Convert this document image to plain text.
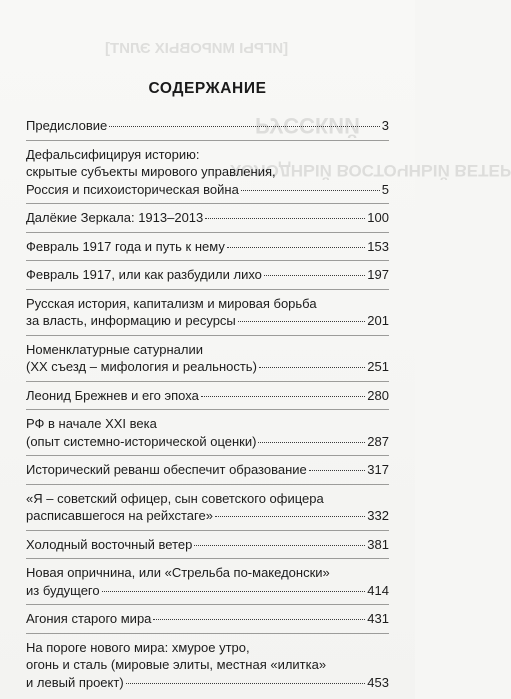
[ИГРЫ МИРОВЫХ ЭЛИТ]
РУССКИЙ
ХОЛОДНЫЙ ВОСТОЧНЫЙ ВЕТЕР
СОДЕРЖАНИЕ
Предисловие	3
Дефальсифицируя историю:
скрытые субъекты мирового управления,
Россия и психоисторическая война	5
Далёкие Зеркала: 1913–2013	100
Февраль 1917 года и путь к нему	153
Февраль 1917, или как разбудили лихо	197
Русская история, капитализм и мировая борьба
за власть, информацию и ресурсы	201
Номенклатурные сатурналии
(ХХ съезд – мифология и реальность)	251
Леонид Брежнев и его эпоха	280
РФ в начале XXI века
(опыт системно-исторической оценки)	287
Исторический реванш обеспечит образование	317
«Я – советский офицер, сын советского офицера
расписавшегося на рейхстаге»	332
Холодный восточный ветер	381
Новая опричнина, или «Стрельба по-македонски»
из будущего	414
Агония старого мира	431
На пороге нового мира: хмурое утро,
огонь и сталь (мировые элиты, местная «илитка»
и левый проект)	453
